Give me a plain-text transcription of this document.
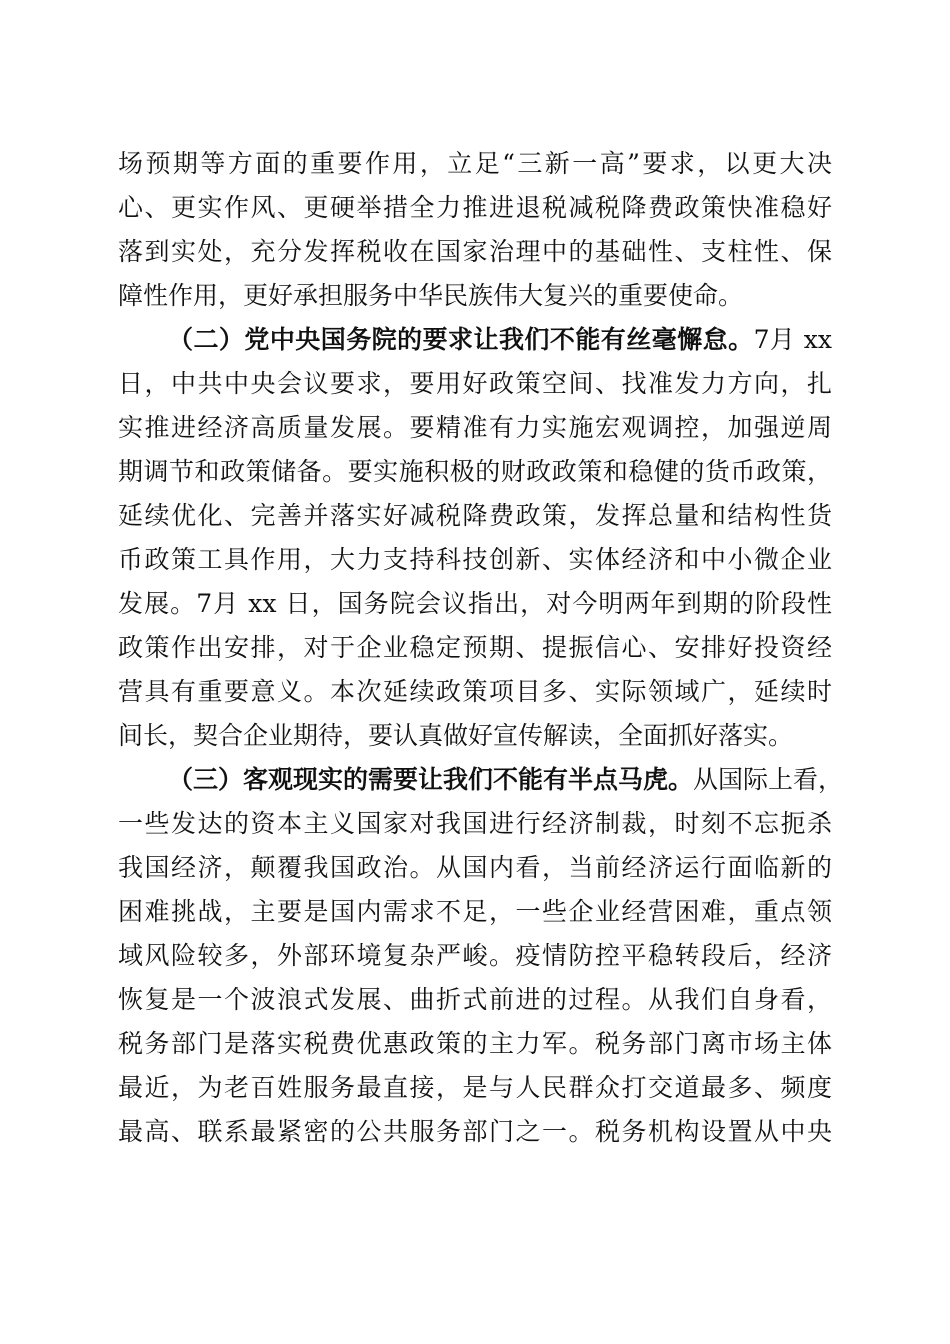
场预期等方面的重要作用，立足“三新一高”要求，以更大决
心、更实作风、更硬举措全力推进退税减税降费政策快准稳好
落到实处，充分发挥税收在国家治理中的基础性、支柱性、保
障性作用，更好承担服务中华民族伟大复兴的重要使命。
（二）党中央国务院的要求让我们不能有丝毫懈怠。7月 xx
日，中共中央会议要求，要用好政策空间、找准发力方向，扎
实推进经济高质量发展。要精准有力实施宏观调控，加强逆周
期调节和政策储备。要实施积极的财政政策和稳健的货币政策，
延续优化、完善并落实好减税降费政策，发挥总量和结构性货
币政策工具作用，大力支持科技创新、实体经济和中小微企业
发展。7月 xx 日，国务院会议指出，对今明两年到期的阶段性
政策作出安排，对于企业稳定预期、提振信心、安排好投资经
营具有重要意义。本次延续政策项目多、实际领域广，延续时
间长，契合企业期待，要认真做好宣传解读，全面抓好落实。
（三）客观现实的需要让我们不能有半点马虎。从国际上看，
一些发达的资本主义国家对我国进行经济制裁，时刻不忘扼杀
我国经济，颠覆我国政治。从国内看，当前经济运行面临新的
困难挑战，主要是国内需求不足，一些企业经营困难，重点领
域风险较多，外部环境复杂严峻。疫情防控平稳转段后，经济
恢复是一个波浪式发展、曲折式前进的过程。从我们自身看，
税务部门是落实税费优惠政策的主力军。税务部门离市场主体
最近，为老百姓服务最直接，是与人民群众打交道最多、频度
最高、联系最紧密的公共服务部门之一。税务机构设置从中央
